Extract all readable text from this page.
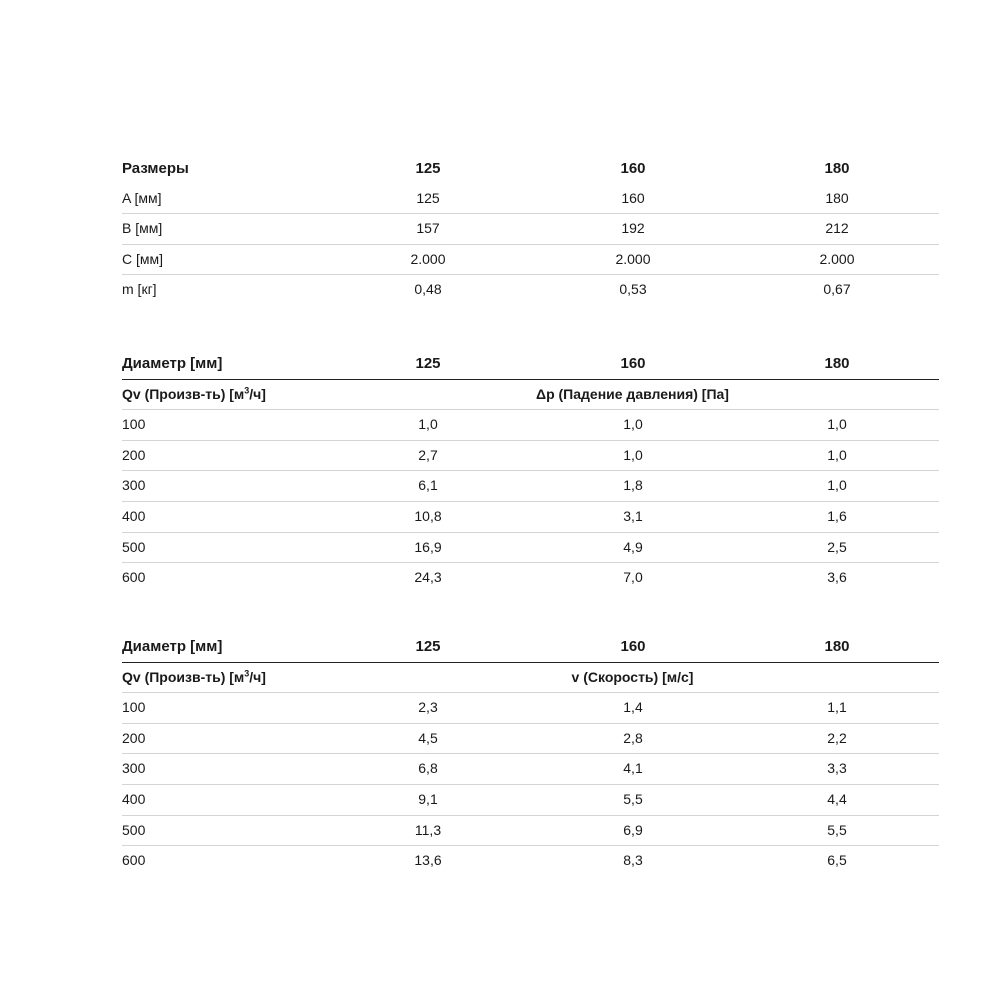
Размеры	125	160	180
A [мм]	125	160	180
B [мм]	157	192	212
C [мм]	2.000	2.000	2.000
m [кг]	0,48	0,53	0,67
Диаметр [мм]	125	160	180
Qv (Произв-ть) $[м^3/ч]$	Δp (Падение давления) [Па]
100	1,0	1,0	1,0
200	2,7	1,0	1,0
300	6,1	1,8	1,0
400	10,8	3,1	1,6
500	16,9	4,9	2,5
600	24,3	7,0	3,6
Диаметр [мм]	125	160	180
Qv (Произв-ть) $[м^3/ч]$	v (Скорость) [м/с]
100	2,3	1,4	1,1
200	4,5	2,8	2,2
300	6,8	4,1	3,3
400	9,1	5,5	4,4
500	11,3	6,9	5,5
600	13,6	8,3	6,5
